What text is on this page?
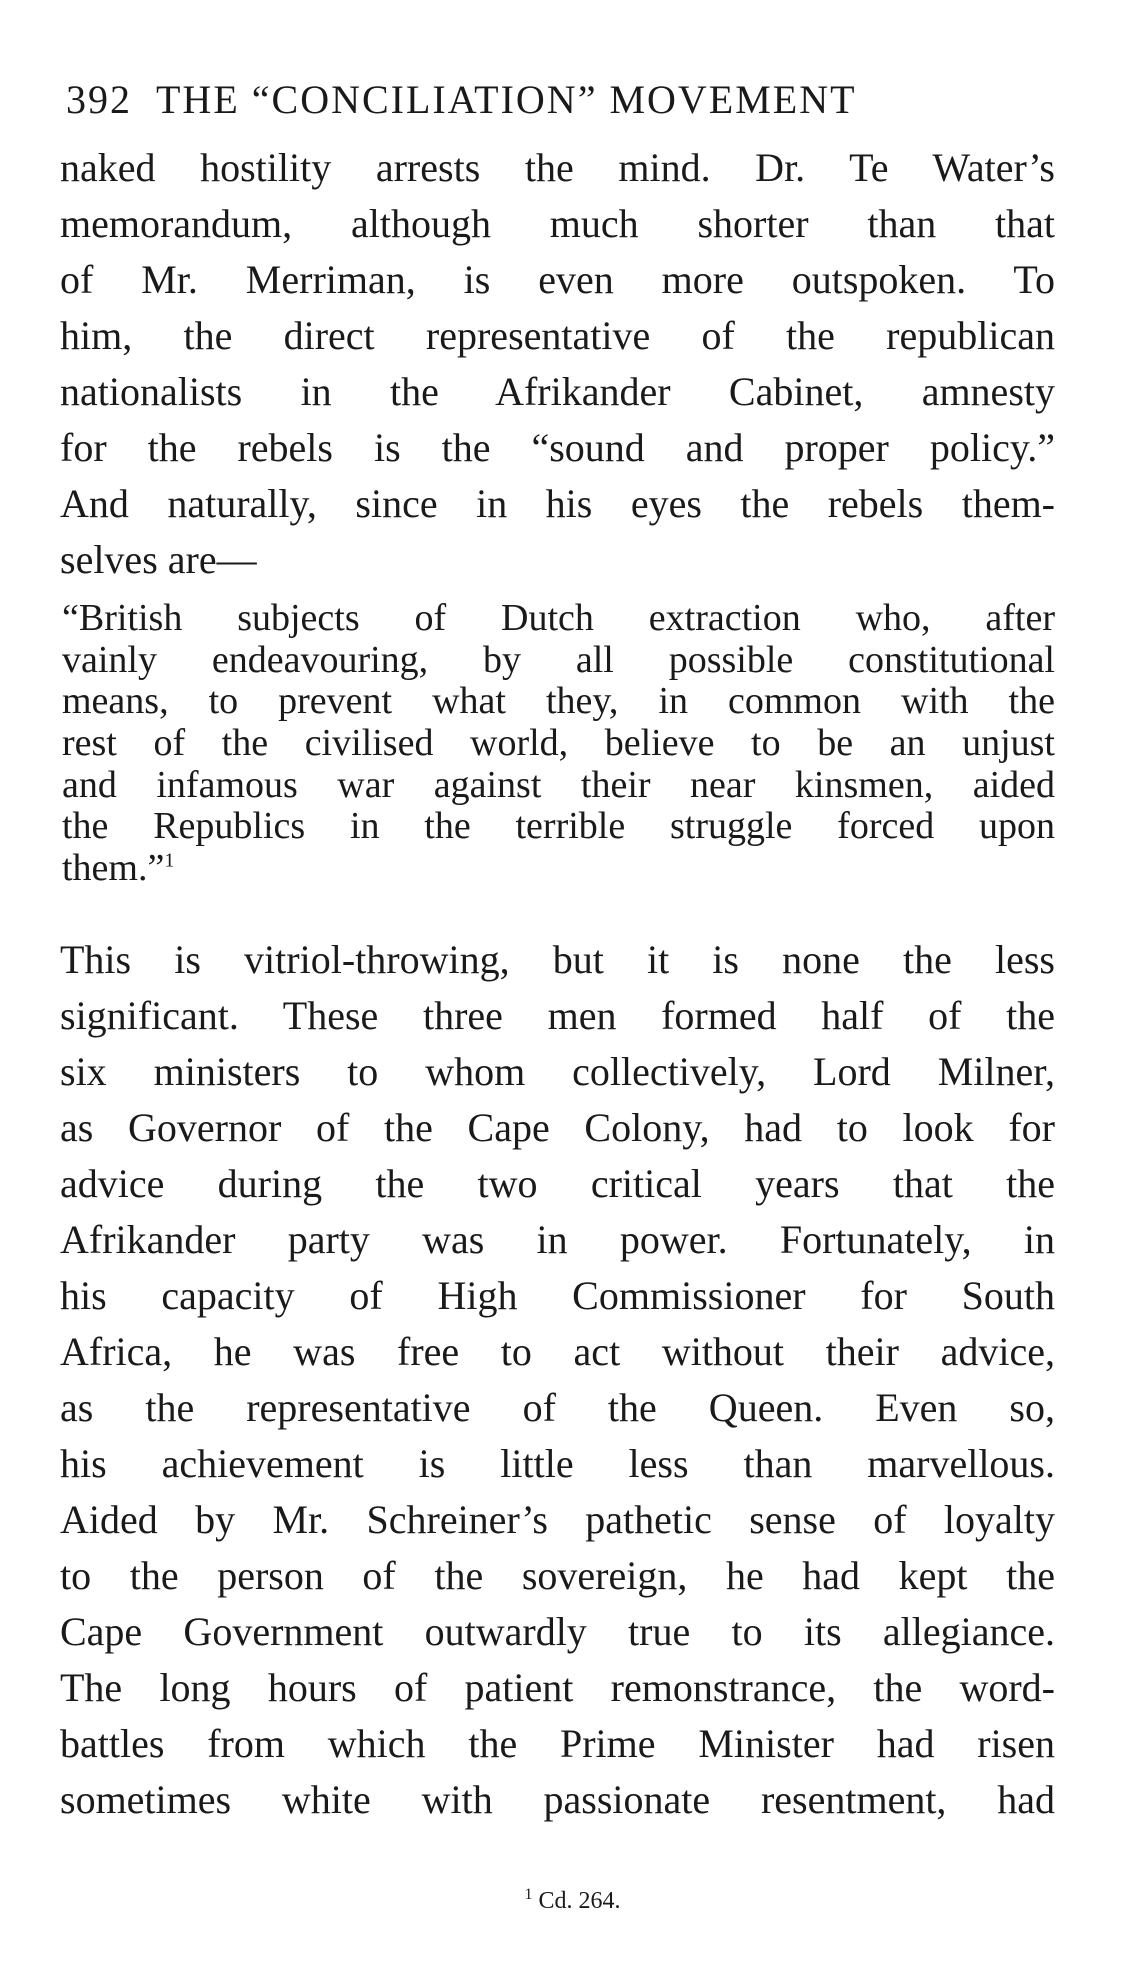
392 THE “CONCILIATION” MOVEMENT
naked hostility arrests the mind. Dr. Te Water’s
memorandum, although much shorter than that
of Mr. Merriman, is even more outspoken. To
him, the direct representative of the republican
nationalists in the Afrikander Cabinet, amnesty
for the rebels is the “sound and proper policy.”
And naturally, since in his eyes the rebels them-
selves are—
“British subjects of Dutch extraction who, after
vainly endeavouring, by all possible constitutional
means, to prevent what they, in common with the
rest of the civilised world, believe to be an unjust
and infamous war against their near kinsmen, aided
the Republics in the terrible struggle forced upon
them.”$^1$
This is vitriol-throwing, but it is none the less
significant. These three men formed half of the
six ministers to whom collectively, Lord Milner,
as Governor of the Cape Colony, had to look for
advice during the two critical years that the
Afrikander party was in power. Fortunately, in
his capacity of High Commissioner for South
Africa, he was free to act without their advice,
as the representative of the Queen. Even so,
his achievement is little less than marvellous.
Aided by Mr. Schreiner’s pathetic sense of loyalty
to the person of the sovereign, he had kept the
Cape Government outwardly true to its allegiance.
The long hours of patient remonstrance, the word-
battles from which the Prime Minister had risen
sometimes white with passionate resentment, had
$^1$ Cd. 264.
